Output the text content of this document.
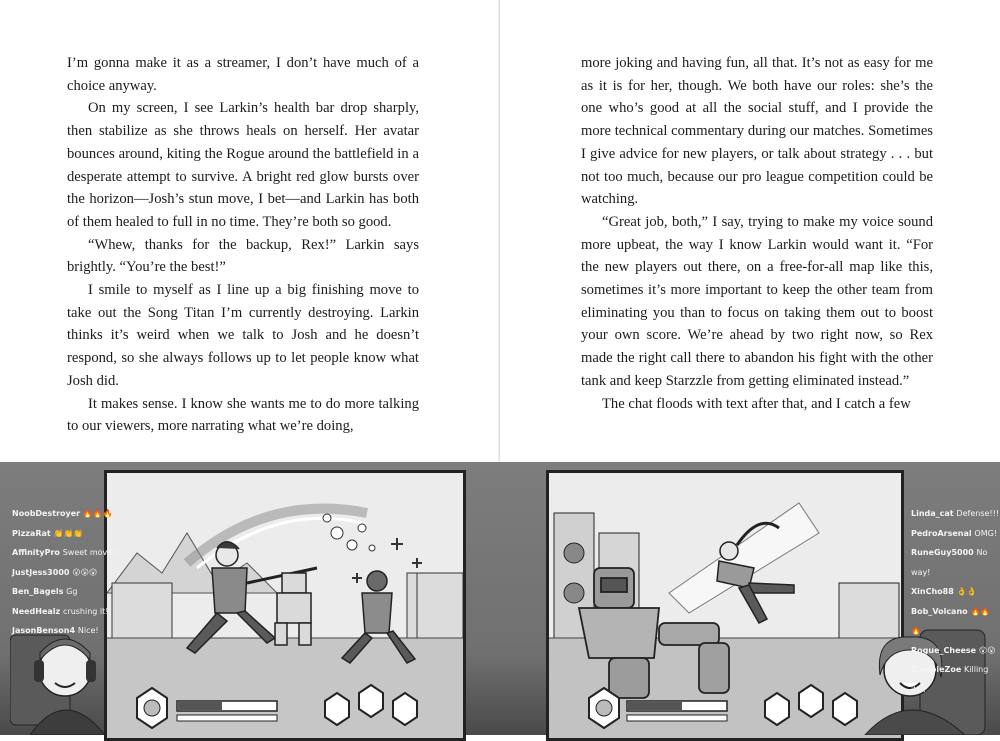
I’m gonna make it as a streamer, I don’t have much of a choice anyway.

On my screen, I see Larkin’s health bar drop sharply, then stabilize as she throws heals on herself. Her avatar bounces around, kiting the Rogue around the battlefield in a desperate attempt to survive. A bright red glow bursts over the horizon—Josh’s stun move, I bet—and Larkin has both of them healed to full in no time. They’re both so good.

“Whew, thanks for the backup, Rex!” Larkin says brightly. “You’re the best!”

I smile to myself as I line up a big finishing move to take out the Song Titan I’m currently destroying. Larkin thinks it’s weird when we talk to Josh and he doesn’t respond, so she always follows up to let people know what Josh did.

It makes sense. I know she wants me to do more talking to our viewers, more narrating what we’re doing,

more joking and having fun, all that. It’s not as easy for me as it is for her, though. We both have our roles: she’s the one who’s good at all the social stuff, and I provide the more technical commentary during our matches. Sometimes I give advice for new players, or talk about strategy . . . but not too much, because our pro league competition could be watching.

“Great job, both,” I say, trying to make my voice sound more upbeat, the way I know Larkin would want it. “For the new players out there, on a free-for-all map like this, sometimes it’s more important to keep the other team from eliminating you than to focus on taking them out to boost your own score. We’re ahead by two right now, so Rex made the right call there to abandon his fight with the other tank and keep Starzzle from getting eliminated instead.”

The chat floods with text after that, and I catch a few

NoobDestroyer 🔥🔥🔥
PizzaRat 👏👏👏
AffinityPro Sweet moves!
JustJess3000 😮😮😮
Ben_Bagels Gg
NeedHealz crushing it!
JasonBenson4 Nice!
Linda_cat Defense!!!
PedroArsenal OMG!
RuneGuy5000 No way!
XinCho88 👌👌
Bob_Volcano 🔥🔥🔥
Rogue_Cheese 😮😮
ZombieZoe Killing it!!!
